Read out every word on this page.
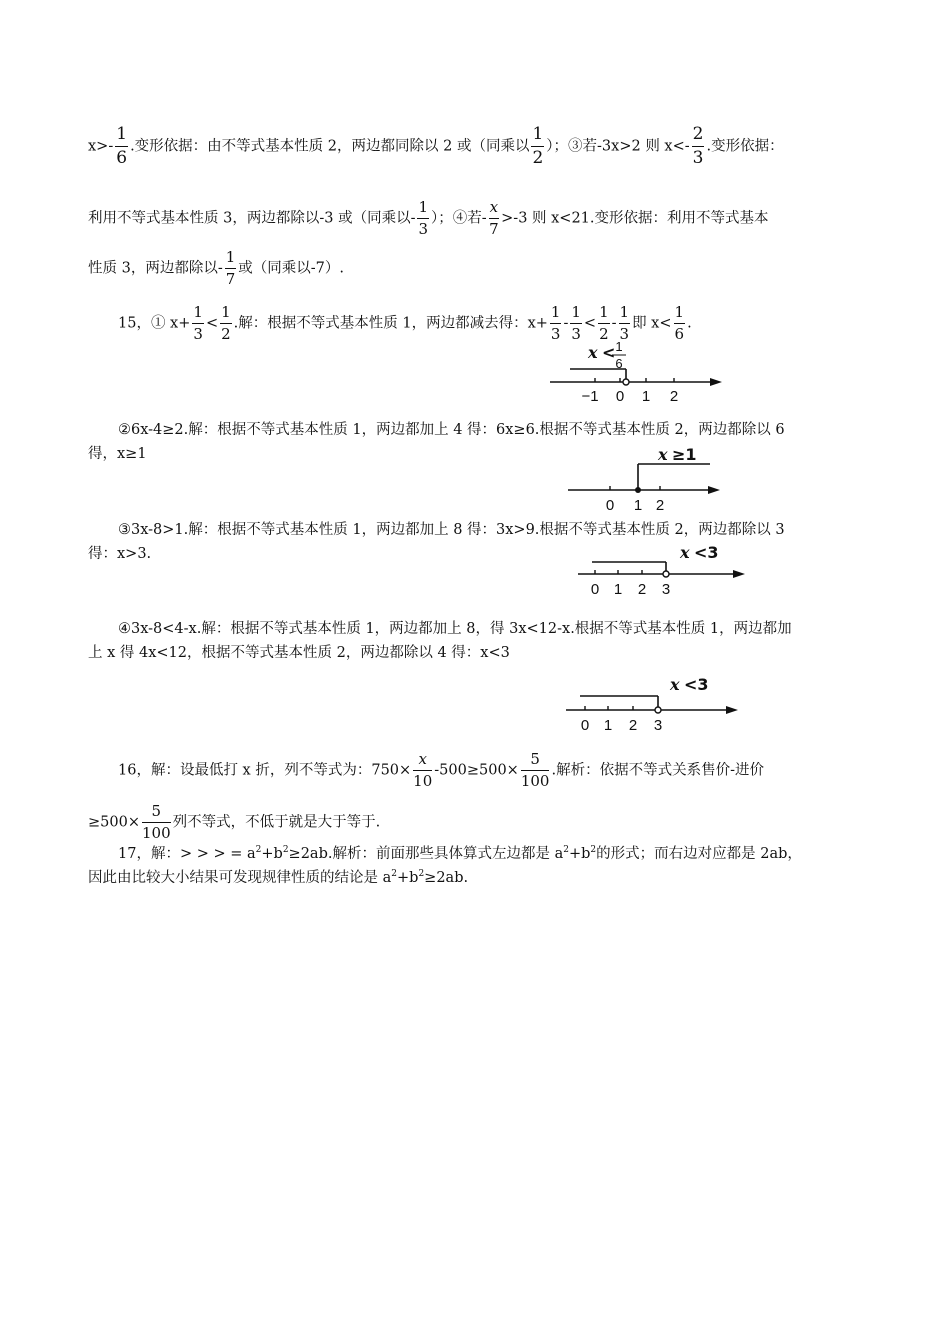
$x>- \frac{1}{6}$ .变形依据：由不等式基本性质 2，两边都同除以 2 或（同乘以 $\frac{1}{2}$ ）；③若-3x>2 则 $x<- \frac{2}{3}$ .变形依据：
利用不等式基本性质 3，两边都除以-3 或（同乘以- $\frac{1}{3}$ ）；④若- $\frac{x}{7} >-3$ 则 x<21.变形依据：利用不等式基本
性质 3，两边都除以- $\frac{1}{7}$ 或（同乘以-7）.
15，① $x+ \frac{1}{3} < \frac{1}{2}$ .解：根据不等式基本性质 1，两边都减去得：$x+ \frac{1}{3} - \frac{1}{3} < \frac{1}{2} - \frac{1}{3}$ 即 $x< \frac{1}{6}$ .
x < 1
6
−1 0 1 2
②6x-4≥2.解：根据不等式基本性质 1，两边都加上 4 得：6x≥6.根据不等式基本性质 2，两边都除以 6
得，x≥1	x ≥1
0 1 2
③3x-8>1.解：根据不等式基本性质 1，两边都加上 8 得：3x>9.根据不等式基本性质 2，两边都除以 3
得：x>3.	x <3
0 1 2 3
④3x-8<4-x.解：根据不等式基本性质 1，两边都加上 8，得 3x<12-x.根据不等式基本性质 1，两边都加
上 x 得 4x<12，根据不等式基本性质 2，两边都除以 4 得：x<3
x <3
0 1 2 3
16，解：设最低打 x 折，列不等式为：$750\times \frac{x}{10} -500\ge 500\times \frac{5}{100}$ .解析：依据不等式关系售价-进价
$\ge 500\times \frac{5}{100}$ 列不等式，不低于就是大于等于.
17，解：> > > = $a^2+b^2\ge 2ab$.解析：前面那些具体算式左边都是 $a^2+b^2$的形式；而右边对应都是 2ab，
因此由比较大小结果可发现规律性质的结论是 $a^2+b^2\ge 2ab$.
